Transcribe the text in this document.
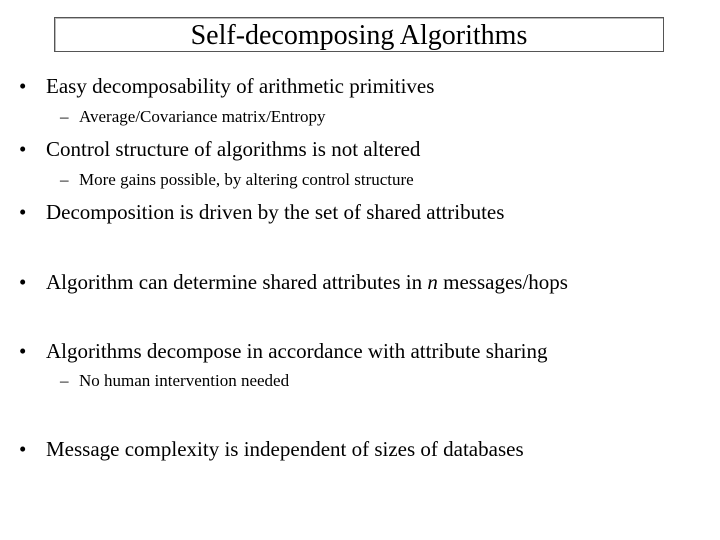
Self-decomposing Algorithms
• Easy decomposability of arithmetic primitives
– Average/Covariance matrix/Entropy
• Control structure of algorithms is not altered
– More gains possible, by altering control structure
• Decomposition is driven by the set of shared attributes
• Algorithm can determine shared attributes in n messages/hops
• Algorithms decompose in accordance with attribute sharing
– No human intervention needed
• Message complexity is independent of sizes of databases
